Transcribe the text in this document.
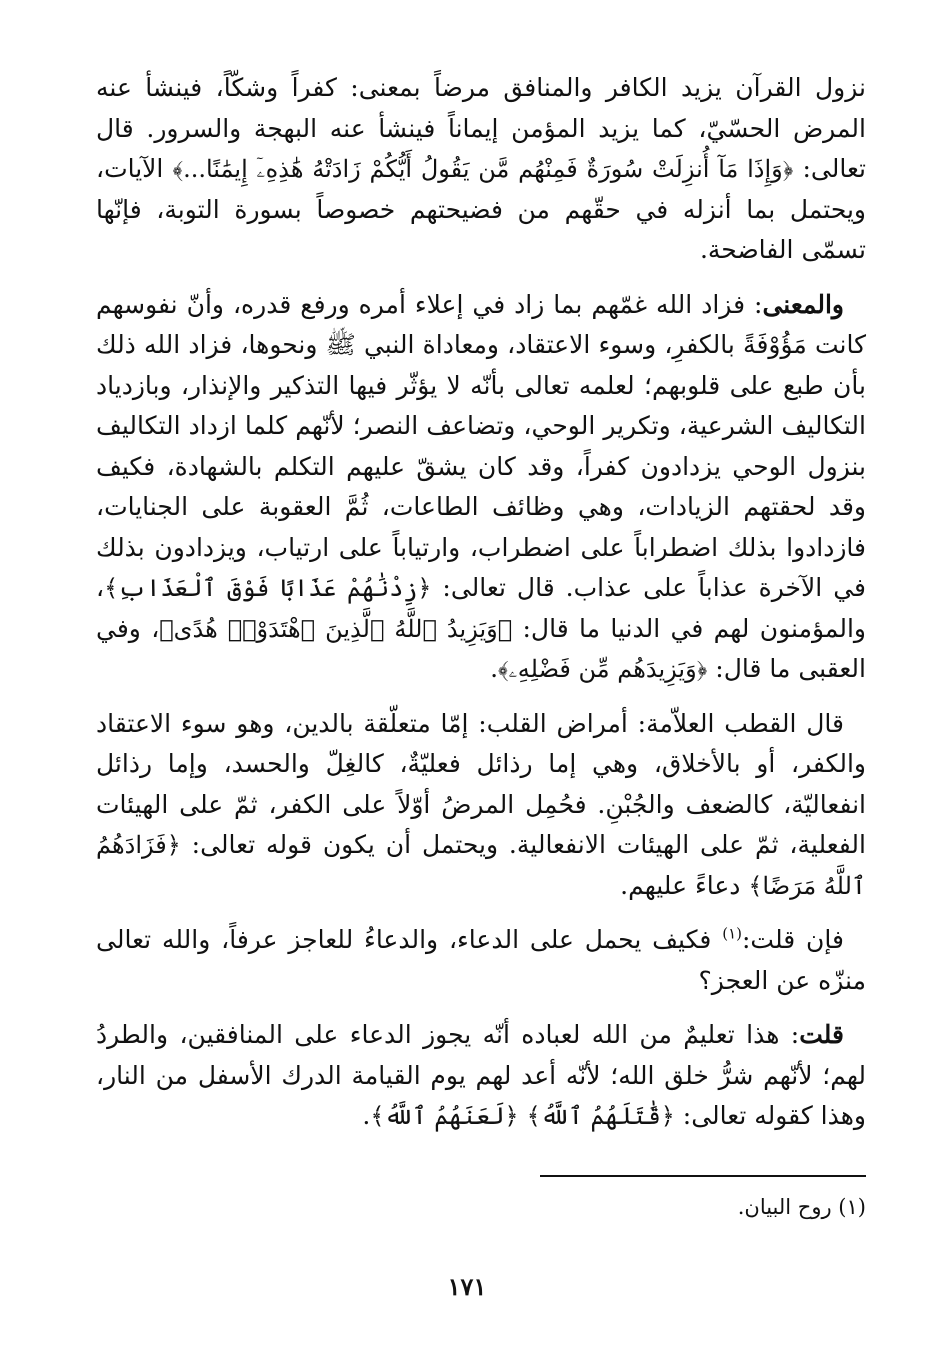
نزول القرآن يزيد الكافر والمنافق مرضاً بمعنى: كفراً وشكّاً، فينشأ عنه المرض الحسّيّ، كما يزيد المؤمن إيماناً فينشأ عنه البهجة والسرور. قال تعالى: ﴿وَإِذَا مَآ أُنزِلَتْ سُورَةٌ فَمِنْهُم مَّن يَقُولُ أَيُّكُمْ زَادَتْهُ هَٰذِهِۦٓ إِيمَٰنًا...﴾ الآيات، ويحتمل بما أنزله في حقّهم من فضيحتهم خصوصاً بسورة التوبة، فإنّها تسمّى الفاضحة.

والمعنى: فزاد الله غمّهم بما زاد في إعلاء أمره ورفع قدره، وأنّ نفوسهم كانت مَؤُوْفَةً بالكفرِ، وسوء الاعتقاد، ومعاداة النبي ﷺ ونحوها، فزاد الله ذلك بأن طبع على قلوبهم؛ لعلمه تعالى بأنّه لا يؤثّر فيها التذكير والإنذار، وبازدياد التكاليف الشرعية، وتكرير الوحي، وتضاعف النصر؛ لأنّهم كلما ازداد التكاليف بنزول الوحي يزدادون كفراً، وقد كان يشقّ عليهم التكلم بالشهادة، فكيف وقد لحقتهم الزيادات، وهي وظائف الطاعات، ثُمَّ العقوبة على الجنايات، فازدادوا بذلك اضطراباً على اضطراب، وارتياباً على ارتياب، ويزدادون بذلك في الآخرة عذاباً على عذاب. قال تعالى: ﴿زِدْنَٰهُمْ عَذَابًا فَوْقَ ٱلْعَذَابِ﴾، والمؤمنون لهم في الدنيا ما قال: ﴿وَيَزِيدُ ٱللَّهُ ٱلَّذِينَ ٱهْتَدَوْا۟ هُدًى﴾، وفي العقبى ما قال: ﴿وَيَزِيدَهُم مِّن فَضْلِهِۦ﴾.

قال القطب العلاّمة: أمراض القلب: إمّا متعلّقة بالدين، وهو سوء الاعتقاد والكفر، أو بالأخلاق، وهي إما رذائل فعليّةٌ، كالغِلّ والحسد، وإما رذائل انفعاليّة، كالضعف والجُبْنِ. فحُمِل المرضُ أوّلاً على الكفر، ثمّ على الهيئات الفعلية، ثمّ على الهيئات الانفعالية. ويحتمل أن يكون قوله تعالى: ﴿فَزَادَهُمُ ٱللَّهُ مَرَضًا﴾ دعاءً عليهم.

فإن قلت:$^{(١)}$ فكيف يحمل على الدعاء، والدعاءُ للعاجز عرفاً، والله تعالى منزّه عن العجز؟

قلت: هذا تعليمٌ من الله لعباده أنّه يجوز الدعاء على المنافقين، والطردُ لهم؛ لأنّهم شرُّ خلق الله؛ لأنّه أعد لهم يوم القيامة الدرك الأسفل من النار، وهذا كقوله تعالى: ﴿قَٰتَلَهُمُ ٱللَّهُ﴾ ﴿لَعَنَهُمُ ٱللَّهُ﴾.

(١) روح البيان.
١٧١
